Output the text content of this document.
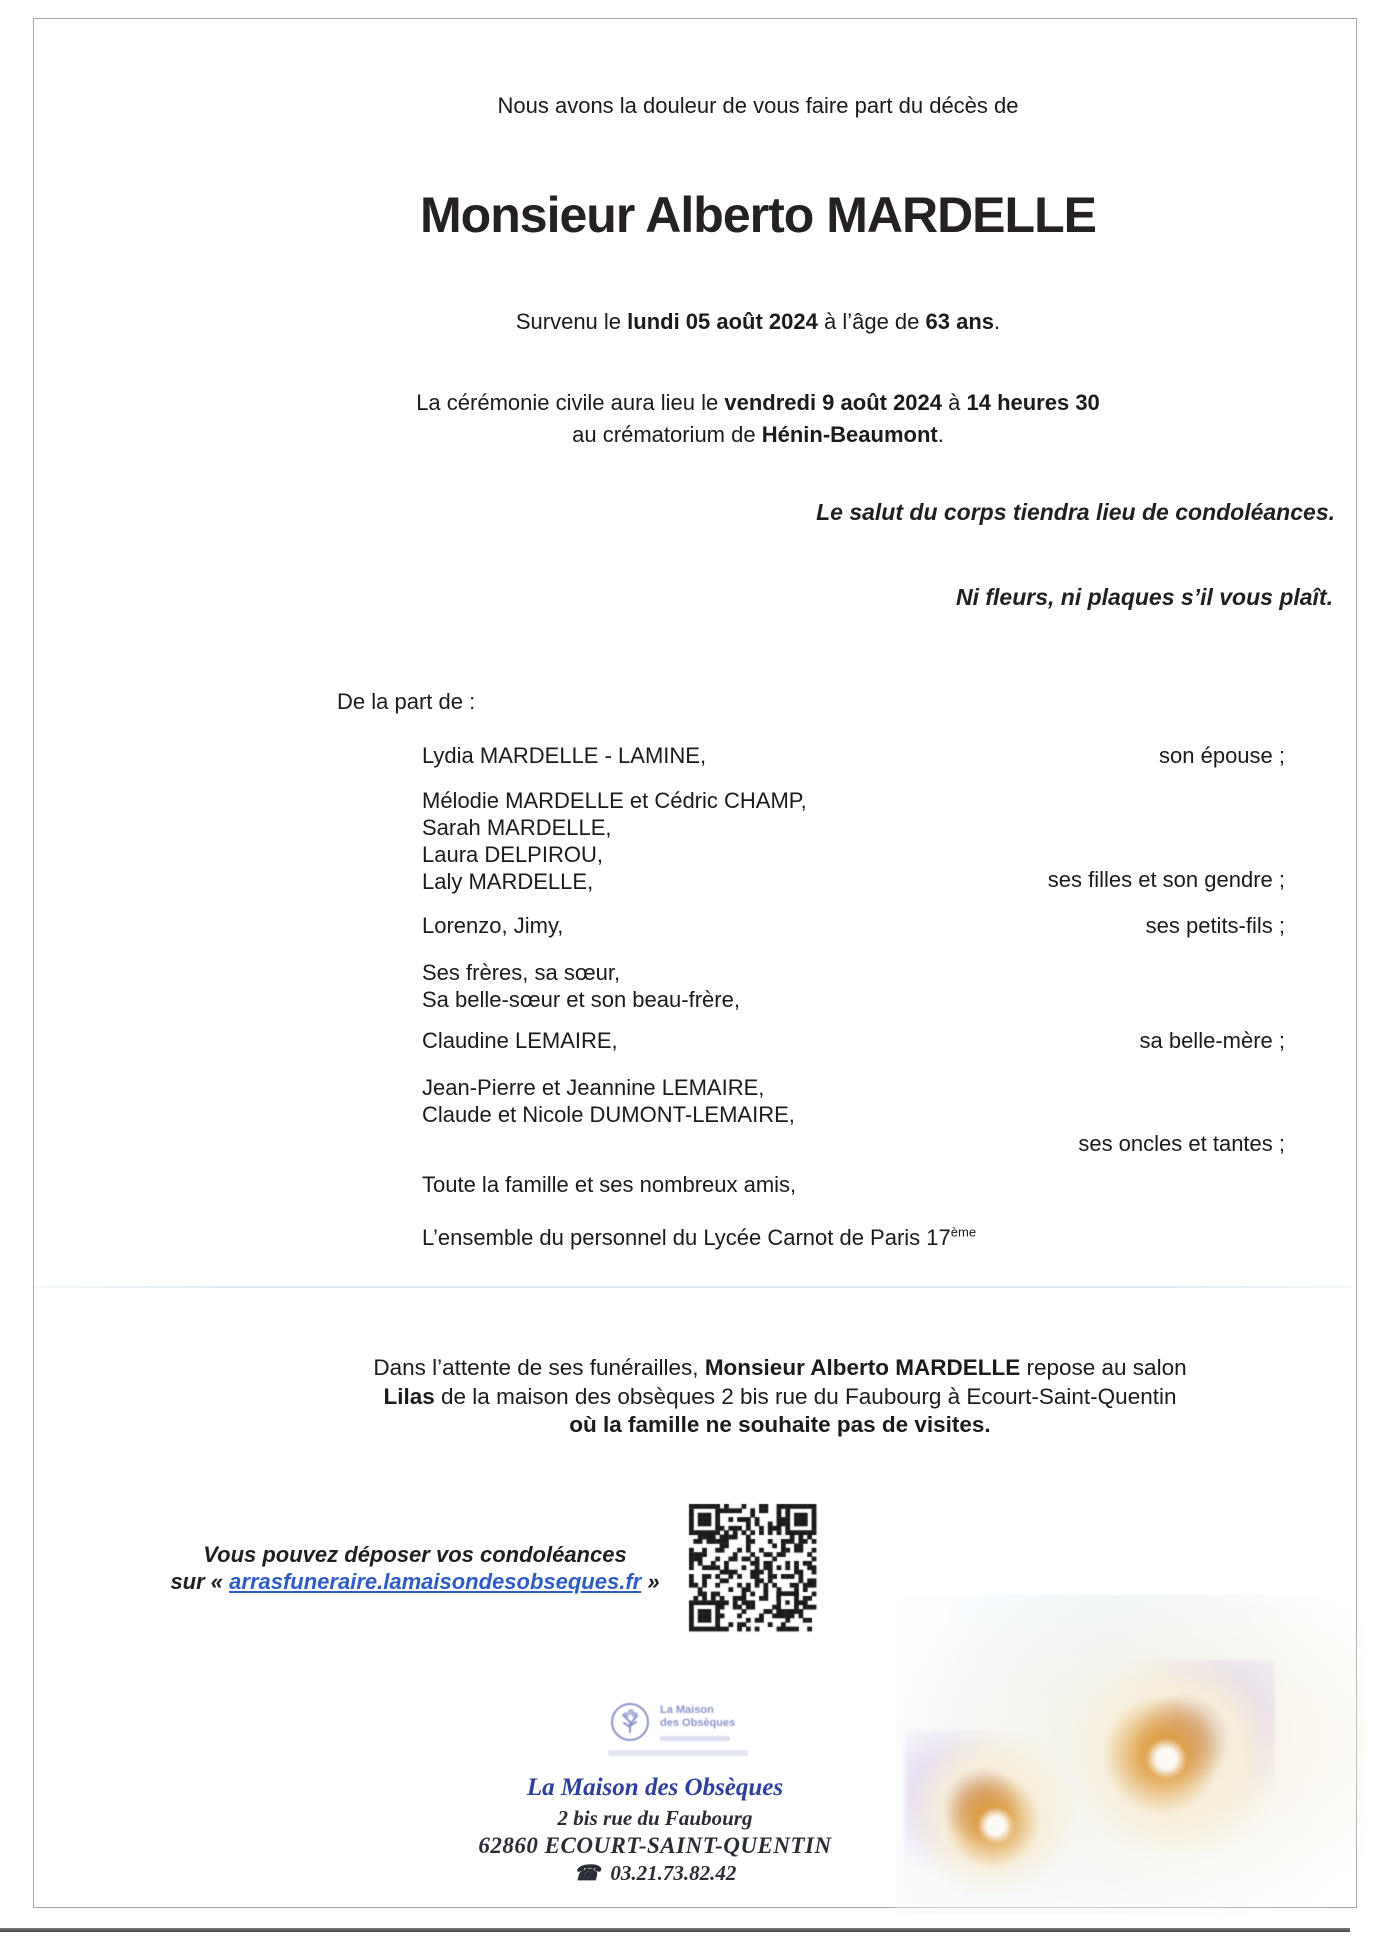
Nous avons la douleur de vous faire part du décès de
Monsieur Alberto MARDELLE
Survenu le lundi 05 août 2024 à l’âge de 63 ans.
La cérémonie civile aura lieu le vendredi 9 août 2024 à 14 heures 30
au crématorium de Hénin-Beaumont.
Le salut du corps tiendra lieu de condoléances.
Ni fleurs, ni plaques s’il vous plaît.
De la part de :
Lydia MARDELLE - LAMINE,
Mélodie MARDELLE et Cédric CHAMP,
Sarah MARDELLE,
Laura DELPIROU,
Laly MARDELLE,
Lorenzo, Jimy,
Ses frères, sa sœur,
Sa belle-sœur et son beau-frère,
Claudine LEMAIRE,
Jean-Pierre et Jeannine LEMAIRE,
Claude et Nicole DUMONT-LEMAIRE,
Toute la famille et ses nombreux amis,
L’ensemble du personnel du Lycée Carnot de Paris 17ème
son épouse ;
ses filles et son gendre ;
ses petits-fils ;
sa belle-mère ;
ses oncles et tantes ;
Dans l’attente de ses funérailles, Monsieur Alberto MARDELLE repose au salon
Lilas de la maison des obsèques 2 bis rue du Faubourg à Ecourt-Saint-Quentin
où la famille ne souhaite pas de visites.
Vous pouvez déposer vos condoléances
sur « arrasfuneraire.lamaisondesobseques.fr »
La Maison
des Obsèques
La Maison des Obsèques
2 bis rue du Faubourg
62860 ECOURT-SAINT-QUENTIN
☎ 03.21.73.82.42
